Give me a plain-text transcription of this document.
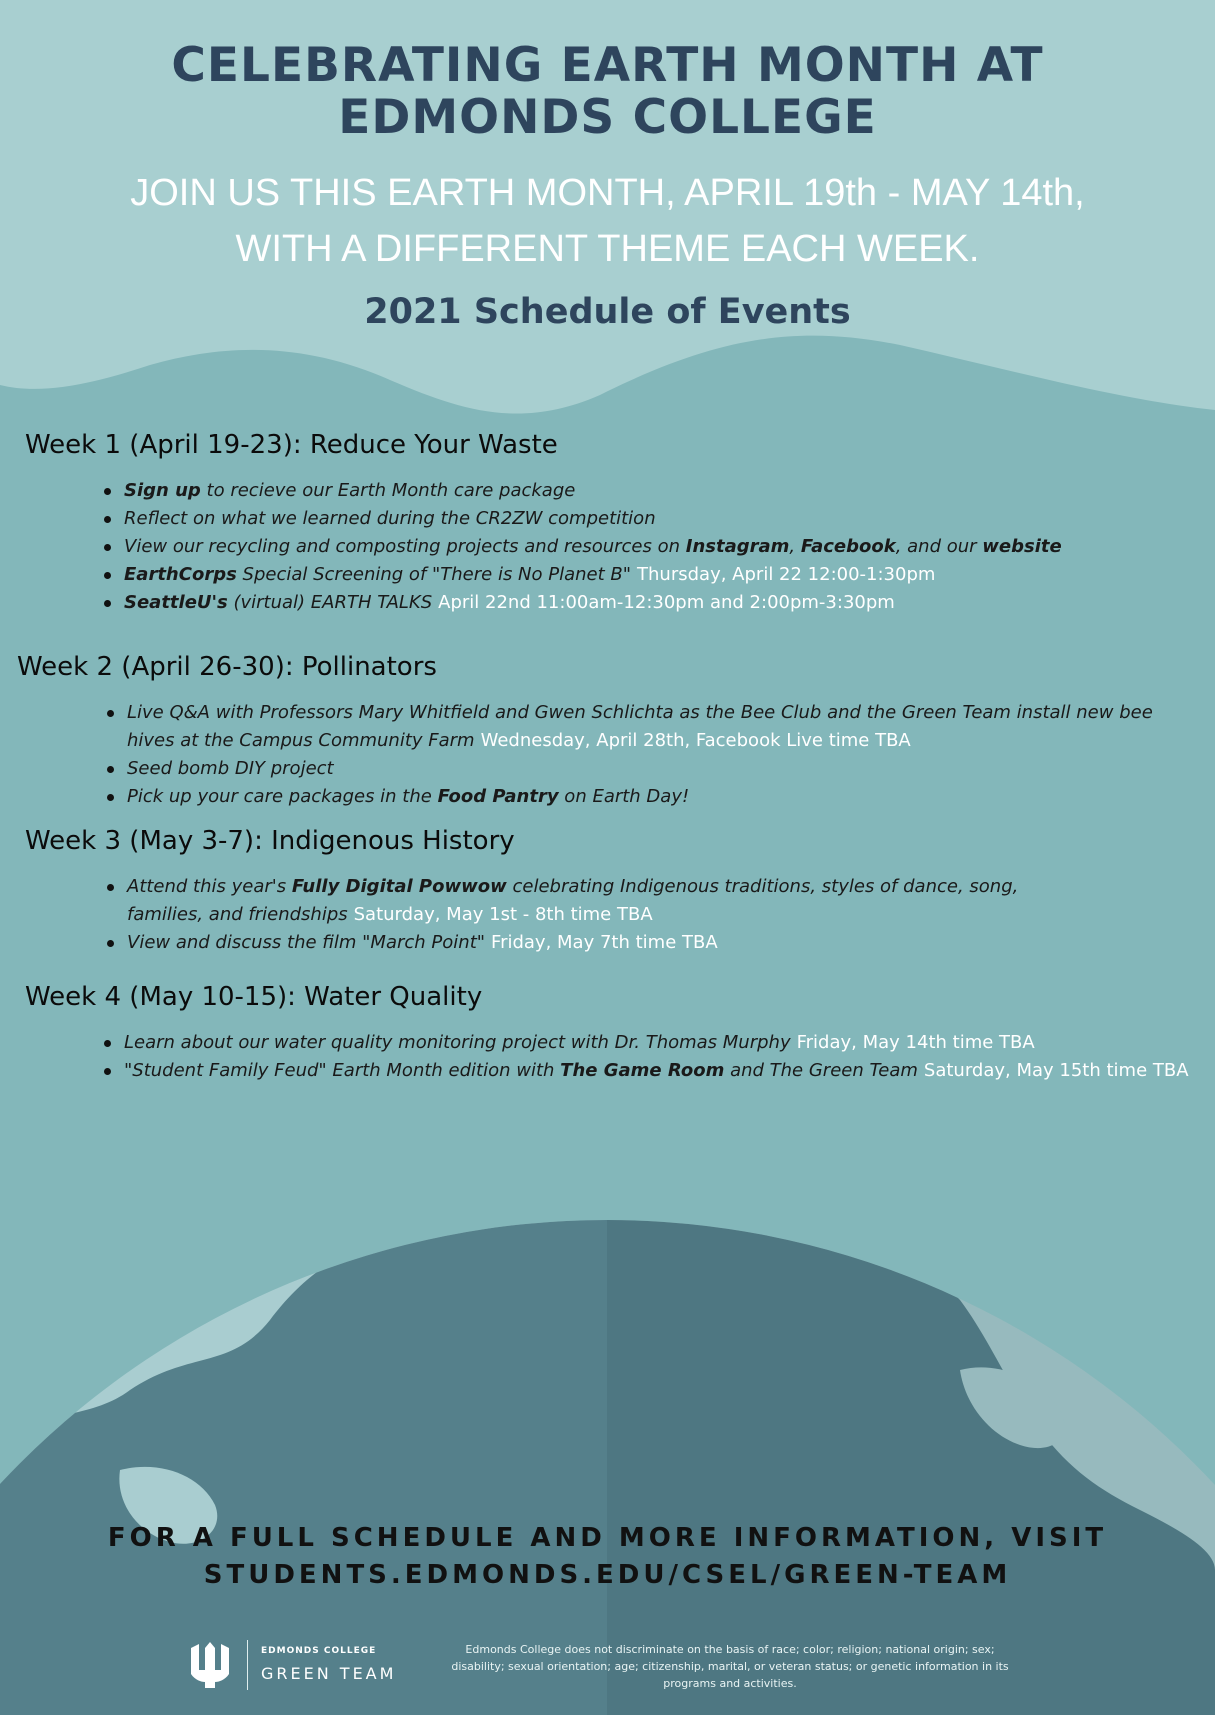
CELEBRATING EARTH MONTH AT
EDMONDS COLLEGE
JOIN US THIS EARTH MONTH, APRIL 19th - MAY 14th,
WITH A DIFFERENT THEME EACH WEEK.
2021 Schedule of Events
Week 1 (April 19-23): Reduce Your Waste
Sign up to recieve our Earth Month care package
Reflect on what we learned during the CR2ZW competition
View our recycling and composting projects and resources on Instagram, Facebook, and our website
EarthCorps Special Screening of "There is No Planet B" Thursday, April 22 12:00-1:30pm
SeattleU's (virtual) EARTH TALKS April 22nd 11:00am-12:30pm and 2:00pm-3:30pm
Week 2 (April 26-30): Pollinators
Live Q&A with Professors Mary Whitfield and Gwen Schlichta as the Bee Club and the Green Team install new bee hives at the Campus Community Farm Wednesday, April 28th, Facebook Live time TBA
Seed bomb DIY project
Pick up your care packages in the Food Pantry on Earth Day!
Week 3 (May 3-7): Indigenous History
Attend this year's Fully Digital Powwow celebrating Indigenous traditions, styles of dance, song, families, and friendships Saturday, May 1st - 8th time TBA
View and discuss the film "March Point" Friday, May 7th time TBA
Week 4 (May 10-15): Water Quality
Learn about our water quality monitoring project with Dr. Thomas Murphy Friday, May 14th time TBA
"Student Family Feud" Earth Month edition with The Game Room and The Green Team Saturday, May 15th time TBA
FOR A FULL SCHEDULE AND MORE INFORMATION, VISIT
STUDENTS.EDMONDS.EDU/CSEL/GREEN-TEAM
EDMONDS COLLEGE
GREEN TEAM
Edmonds College does not discriminate on the basis of race; color; religion; national origin; sex; disability; sexual orientation; age; citizenship, marital, or veteran status; or genetic information in its programs and activities.
